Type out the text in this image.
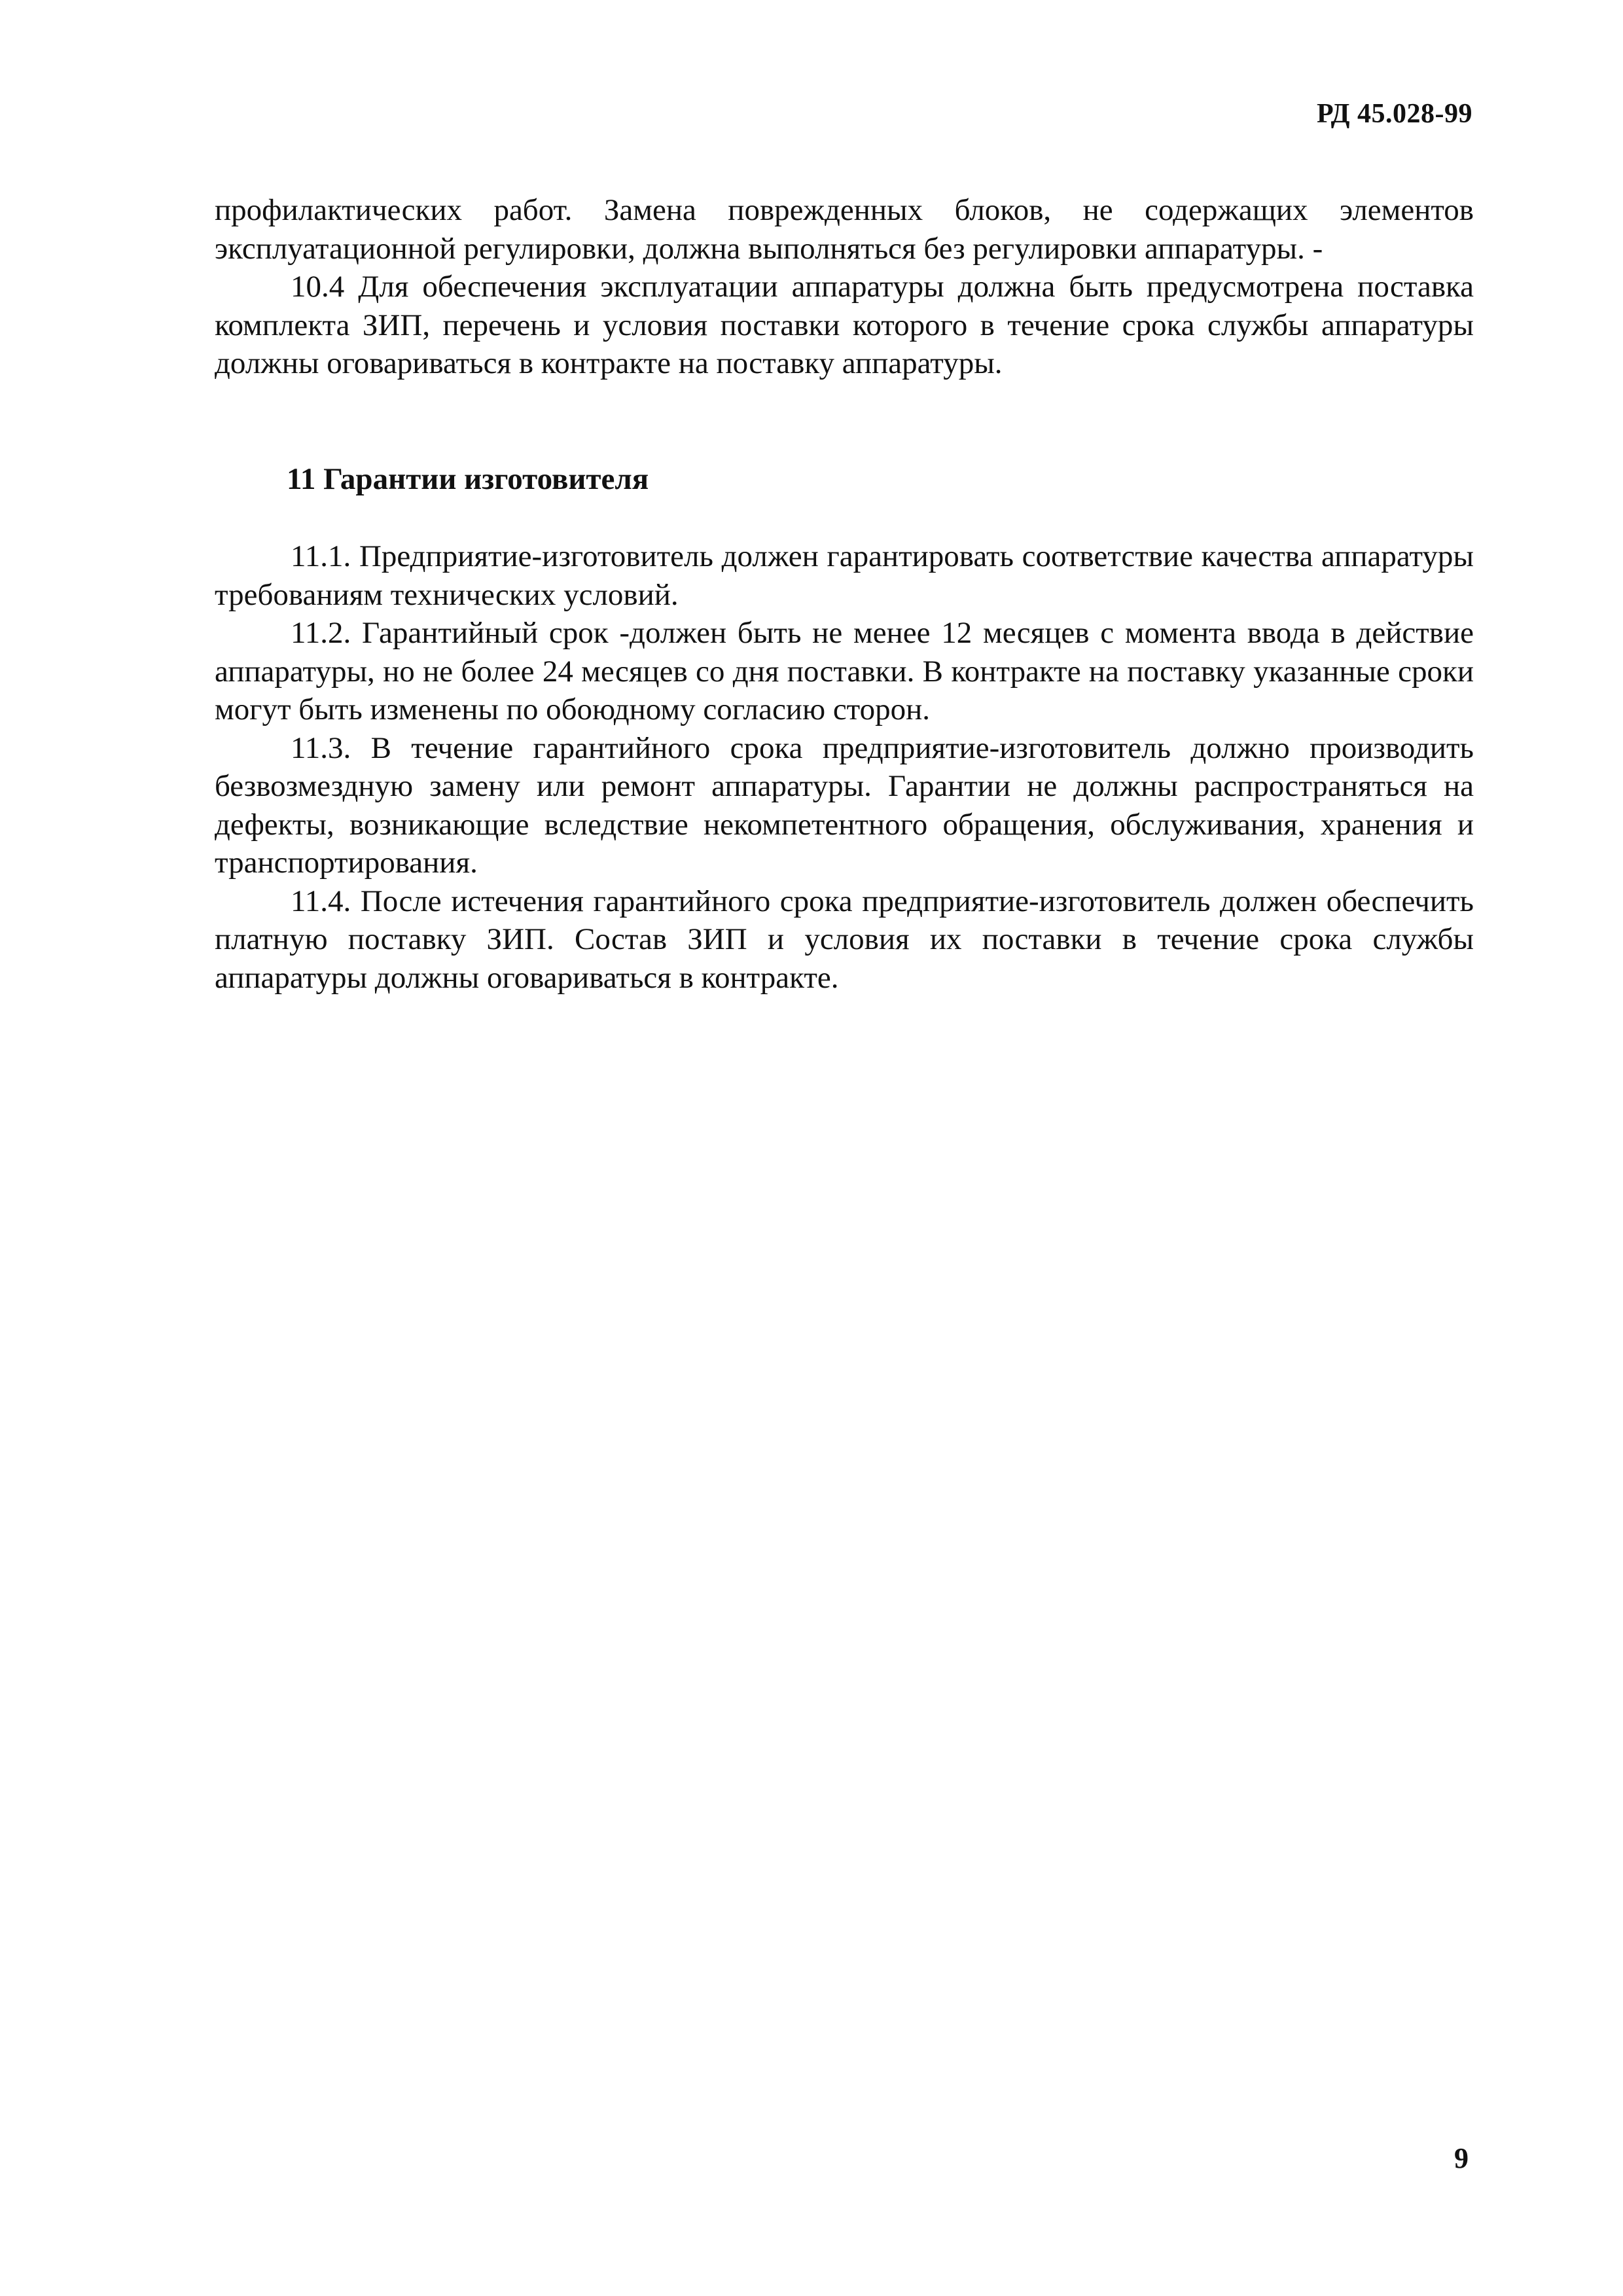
РД 45.028-99

профилактических работ. Замена поврежденных блоков, не содержащих элементов эксплуатационной регулировки, должна выполняться без регулировки аппаратуры. -

10.4 Для обеспечения эксплуатации аппаратуры должна быть предусмотрена поставка комплекта ЗИП, перечень и условия поставки которого в течение срока службы аппаратуры должны оговариваться в контракте на поставку аппаратуры.

11 Гарантии изготовителя

11.1. Предприятие-изготовитель должен гарантировать соответствие качества аппаратуры требованиям технических условий.

11.2. Гарантийный срок -должен быть не менее 12 месяцев с момента ввода в действие аппаратуры, но не более 24 месяцев со дня поставки. В контракте на поставку указанные сроки могут быть изменены по обоюдному согласию сторон.

11.3. В течение гарантийного срока предприятие-изготовитель должно производить безвозмездную замену или ремонт аппаратуры. Гарантии не должны распространяться на дефекты, возникающие вследствие некомпетентного обращения, обслуживания, хранения и транспортирования.

11.4. После истечения гарантийного срока предприятие-изготовитель должен обеспечить платную поставку ЗИП. Состав ЗИП и условия их поставки в течение срока службы аппаратуры должны оговариваться в контракте.

9
